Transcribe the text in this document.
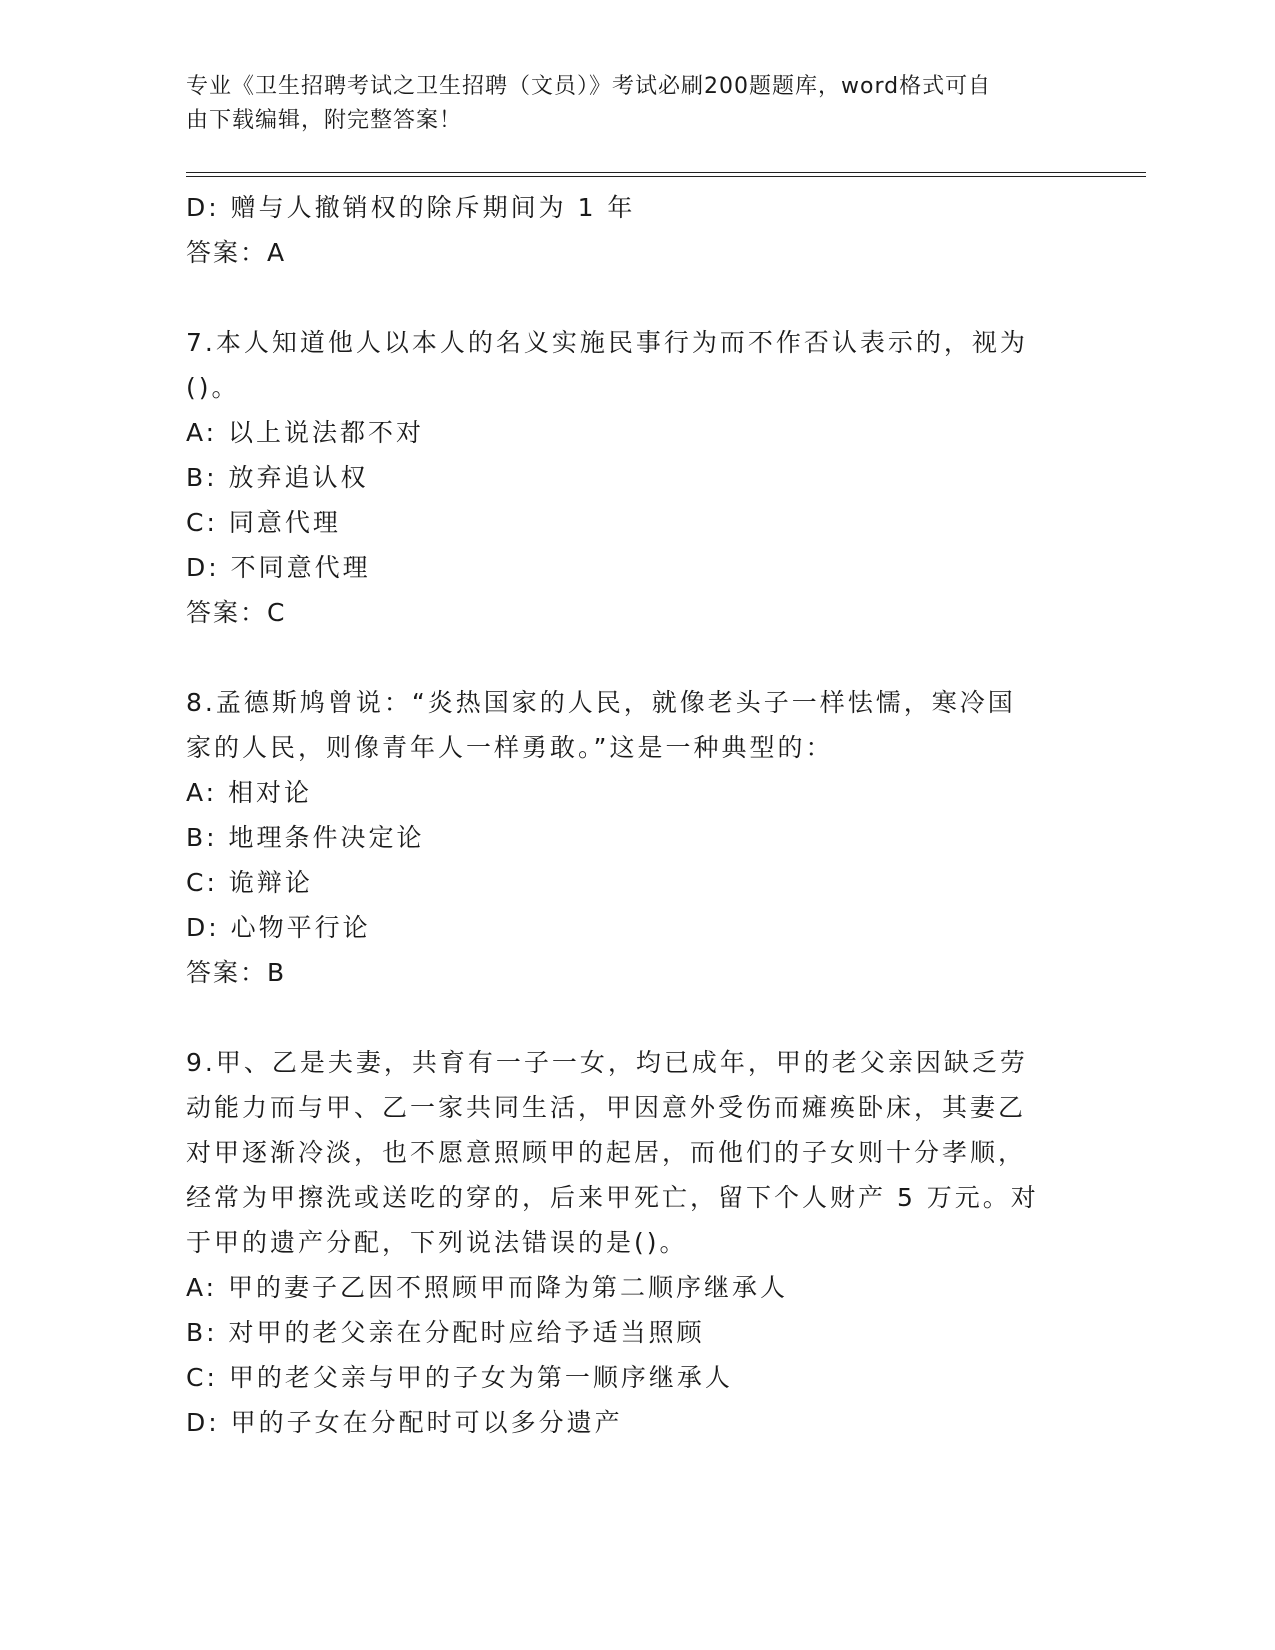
专业《卫生招聘考试之卫生招聘（文员）》考试必刷200题题库，word格式可自
由下载编辑，附完整答案！
D: 赠与人撤销权的除斥期间为 1 年
答案：A
7.本人知道他人以本人的名义实施民事行为而不作否认表示的，视为
()。
A: 以上说法都不对
B: 放弃追认权
C: 同意代理
D: 不同意代理
答案：C
8.孟德斯鸠曾说：“炎热国家的人民，就像老头子一样怯懦，寒冷国
家的人民，则像青年人一样勇敢。”这是一种典型的：
A: 相对论
B: 地理条件决定论
C: 诡辩论
D: 心物平行论
答案：B
9.甲、乙是夫妻，共育有一子一女，均已成年，甲的老父亲因缺乏劳
动能力而与甲、乙一家共同生活，甲因意外受伤而瘫痪卧床，其妻乙
对甲逐渐冷淡，也不愿意照顾甲的起居，而他们的子女则十分孝顺，
经常为甲擦洗或送吃的穿的，后来甲死亡，留下个人财产 5 万元。对
于甲的遗产分配，下列说法错误的是()。
A: 甲的妻子乙因不照顾甲而降为第二顺序继承人
B: 对甲的老父亲在分配时应给予适当照顾
C: 甲的老父亲与甲的子女为第一顺序继承人
D: 甲的子女在分配时可以多分遗产
